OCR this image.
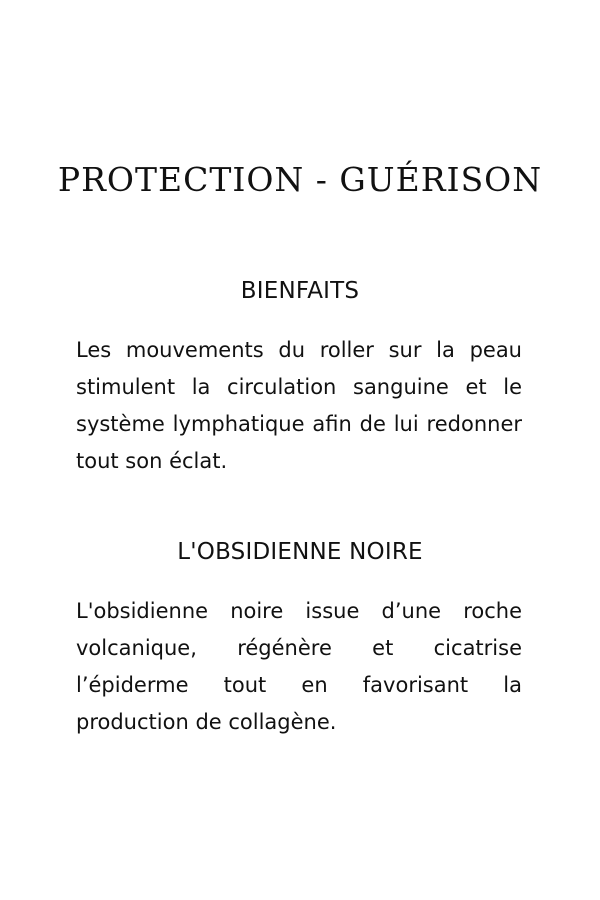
PROTECTION - GUÉRISON
BIENFAITS

Les mouvements du roller sur la peau stimulent la circulation sanguine et le système lymphatique afin de lui redonner tout son éclat.

L'OBSIDIENNE NOIRE

L'obsidienne noire issue d’une roche volcanique, régénère et cicatrise l’épiderme tout en favorisant la production de collagène.
